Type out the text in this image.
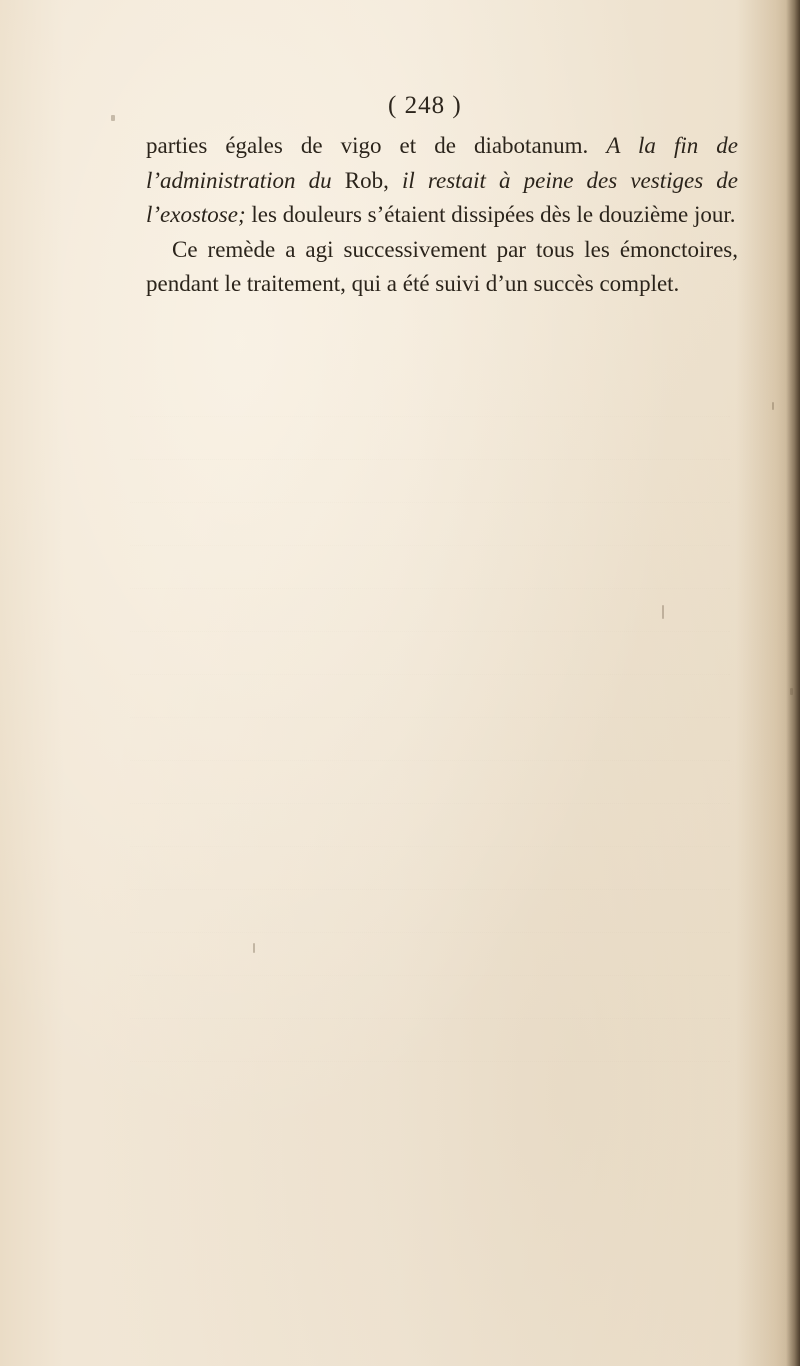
( 248 )

parties égales de vigo et de diabotanum. A la fin de l’administration du Rob, il restait à peine des vestiges de l’exostose; les douleurs s’étaient dissipées dès le douzième jour.

Ce remède a agi successivement par tous les émonctoires, pendant le traitement, qui a été suivi d’un succès complet.
